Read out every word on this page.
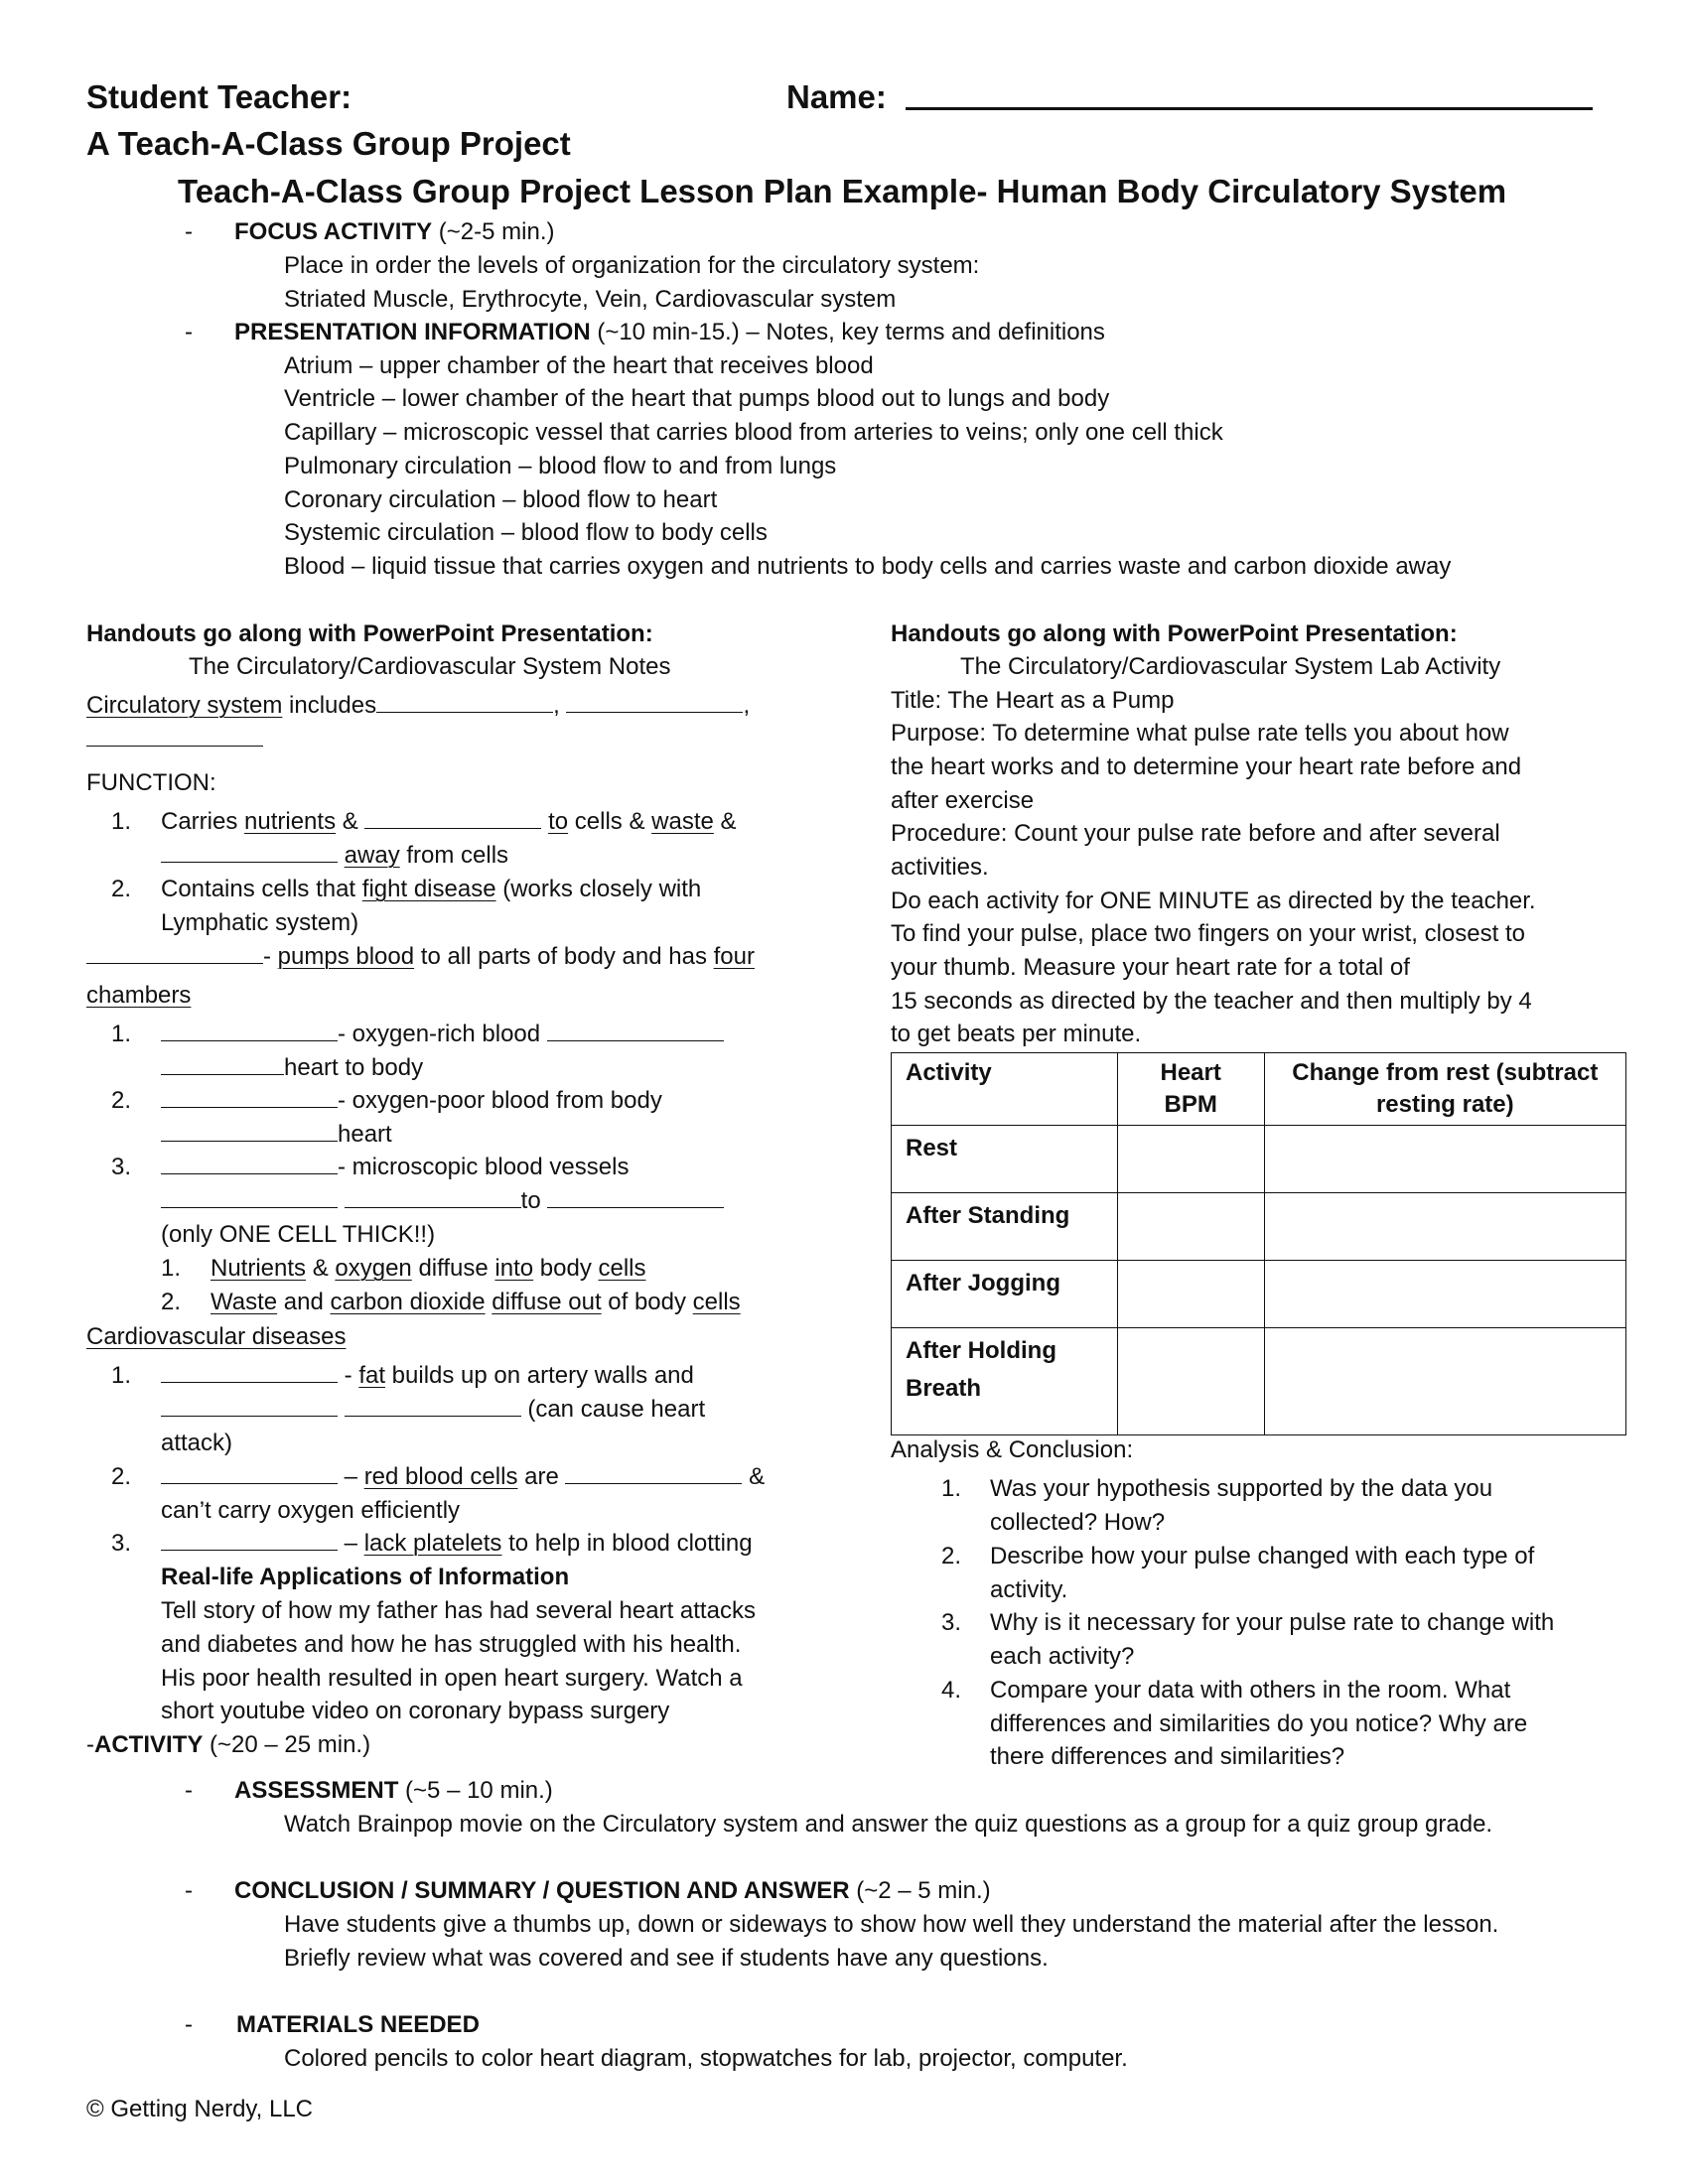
Student Teacher:	Name:
A Teach-A-Class Group Project
Teach-A-Class Group Project Lesson Plan Example- Human Body Circulatory System
- FOCUS ACTIVITY (~2-5 min.)
Place in order the levels of organization for the circulatory system:
Striated Muscle, Erythrocyte, Vein, Cardiovascular system
- PRESENTATION INFORMATION (~10 min-15.) – Notes, key terms and definitions
Atrium – upper chamber of the heart that receives blood
Ventricle – lower chamber of the heart that pumps blood out to lungs and body
Capillary – microscopic vessel that carries blood from arteries to veins; only one cell thick
Pulmonary circulation – blood flow to and from lungs
Coronary circulation – blood flow to heart
Systemic circulation – blood flow to body cells
Blood – liquid tissue that carries oxygen and nutrients to body cells and carries waste and carbon dioxide away
Handouts go along with PowerPoint Presentation:
The Circulatory/Cardiovascular System Notes
Circulatory system includes	,	,
FUNCTION:
1. Carries nutrients &	to cells & waste &
away from cells
2. Contains cells that fight disease (works closely with
Lymphatic system)
- pumps blood to all parts of body and has four
chambers
1.	- oxygen-rich blood
heart to body
2.	- oxygen-poor blood from body
heart
3.	- microscopic blood vessels
to
(only ONE CELL THICK!!)
1. Nutrients & oxygen diffuse into body cells
2. Waste and carbon dioxide diffuse out of body cells
Cardiovascular diseases
1.	- fat builds up on artery walls and
(can cause heart
attack)
2.	– red blood cells are	&
can’t carry oxygen efficiently
3.	– lack platelets to help in blood clotting
Real-life Applications of Information
Tell story of how my father has had several heart attacks
and diabetes and how he has struggled with his health.
His poor health resulted in open heart surgery. Watch a
short youtube video on coronary bypass surgery
-ACTIVITY (~20 – 25 min.)
Handouts go along with PowerPoint Presentation:
The Circulatory/Cardiovascular System Lab Activity
Title: The Heart as a Pump
Purpose: To determine what pulse rate tells you about how
the heart works and to determine your heart rate before and
after exercise
Procedure: Count your pulse rate before and after several
activities.
Do each activity for ONE MINUTE as directed by the teacher.
To find your pulse, place two fingers on your wrist, closest to
your thumb. Measure your heart rate for a total of
15 seconds as directed by the teacher and then multiply by 4
to get beats per minute.
Activity	Heart BPM	Change from rest (subtract resting rate)
Rest		
After Standing		
After Jogging		
After Holding Breath		
Analysis & Conclusion:
1. Was your hypothesis supported by the data you
collected? How?
2. Describe how your pulse changed with each type of
activity.
3. Why is it necessary for your pulse rate to change with
each activity?
4. Compare your data with others in the room. What
differences and similarities do you notice? Why are
there differences and similarities?
- ASSESSMENT (~5 – 10 min.)
Watch Brainpop movie on the Circulatory system and answer the quiz questions as a group for a quiz group grade.
- CONCLUSION / SUMMARY / QUESTION AND ANSWER (~2 – 5 min.)
Have students give a thumbs up, down or sideways to show how well they understand the material after the lesson.
Briefly review what was covered and see if students have any questions.
- MATERIALS NEEDED
Colored pencils to color heart diagram, stopwatches for lab, projector, computer.
© Getting Nerdy, LLC
